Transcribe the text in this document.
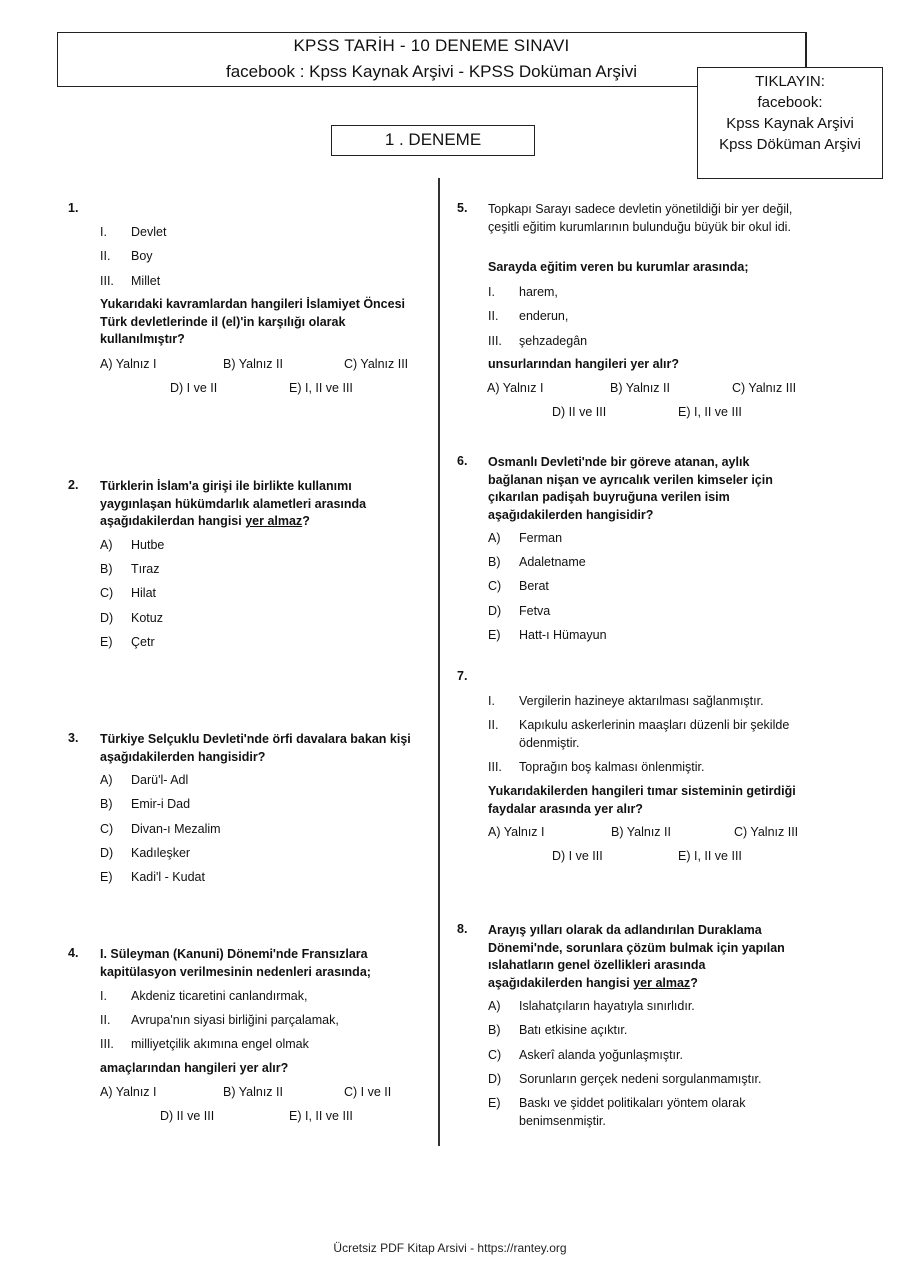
KPSS TARİH - 10 DENEME SINAVI
facebook : Kpss Kaynak Arşivi - KPSS Doküman Arşivi
TIKLAYIN:
facebook:
Kpss Kaynak Arşivi
Kpss Döküman Arşivi
1 . DENEME
1.
I. Devlet
II. Boy
III. Millet
Yukarıdaki kavramlardan hangileri İslamiyet Öncesi Türk devletlerinde il (el)'in karşılığı olarak kullanılmıştır?
A) Yalnız I	B) Yalnız II	C) Yalnız III
D) I ve II	E) I, II ve III
2. Türklerin İslam'a girişi ile birlikte kullanımı yaygınlaşan hükümdarlık alametleri arasında aşağıdakilerdan hangisi yer almaz?
A) Hutbe
B) Tıraz
C) Hilat
D) Kotuz
E) Çetr
3. Türkiye Selçuklu Devleti'nde örfi davalara bakan kişi aşağıdakilerden hangisidir?
A) Darü'l- Adl
B) Emir-i Dad
C) Divan-ı Mezalim
D) Kadıleşker
E) Kadi'l - Kudat
4. I. Süleyman (Kanuni) Dönemi'nde Fransızlara kapitülasyon verilmesinin nedenleri arasında;
I. Akdeniz ticaretini canlandırmak,
II. Avrupa'nın siyasi birliğini parçalamak,
III. milliyetçilik akımına engel olmak
amaçlarından hangileri yer alır?
A) Yalnız I	B) Yalnız II	C) I ve II
D) II ve III	E) I, II ve III
5. Topkapı Sarayı sadece devletin yönetildiği bir yer değil, çeşitli eğitim kurumlarının bulunduğu büyük bir okul idi.
Sarayda eğitim veren bu kurumlar arasında;
I. harem,
II. enderun,
III. şehzadegân
unsurlarından hangileri yer alır?
A) Yalnız I	B) Yalnız II	C) Yalnız III
D) II ve III	E) I, II ve III
6. Osmanlı Devleti'nde bir göreve atanan, aylık bağlanan nişan ve ayrıcalık verilen kimseler için çıkarılan padişah buyruğuna verilen isim aşağıdakilerden hangisidir?
A) Ferman
B) Adaletname
C) Berat
D) Fetva
E) Hatt-ı Hümayun
7.
I. Vergilerin hazineye aktarılması sağlanmıştır.
II. Kapıkulu askerlerinin maaşları düzenli bir şekilde ödenmiştir.
III. Toprağın boş kalması önlenmiştir.
Yukarıdakilerden hangileri tımar sisteminin getirdiği faydalar arasında yer alır?
A) Yalnız I	B) Yalnız II	C) Yalnız III
D) I ve III	E) I, II ve III
8. Arayış yılları olarak da adlandırılan Duraklama Dönemi'nde, sorunlara çözüm bulmak için yapılan ıslahatların genel özellikleri arasında aşağıdakilerden hangisi yer almaz?
A) Islahatçıların hayatıyla sınırlıdır.
B) Batı etkisine açıktır.
C) Askerî alanda yoğunlaşmıştır.
D) Sorunların gerçek nedeni sorgulanmamıştır.
E) Baskı ve şiddet politikaları yöntem olarak benimsenmiştir.
Ücretsiz PDF Kitap Arsivi - https://rantey.org
